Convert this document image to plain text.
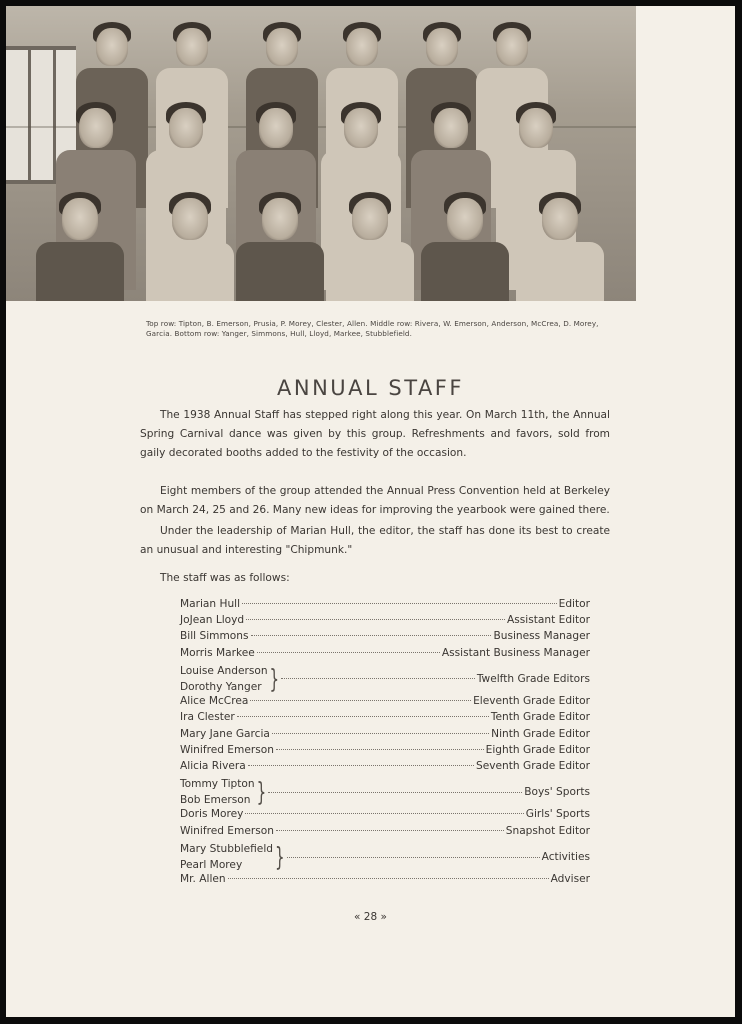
Top row: Tipton, B. Emerson, Prusia, P. Morey, Clester, Allen. Middle row: Rivera, W. Emerson, Anderson, McCrea, D. Morey, Garcia. Bottom row: Yanger, Simmons, Hull, Lloyd, Markee, Stubblefield.
ANNUAL STAFF

The 1938 Annual Staff has stepped right along this year. On March 11th, the Annual Spring Carnival dance was given by this group. Refreshments and favors, sold from gaily decorated booths added to the festivity of the occasion.

Eight members of the group attended the Annual Press Convention held at Berkeley on March 24, 25 and 26. Many new ideas for improving the yearbook were gained there.

Under the leadership of Marian Hull, the editor, the staff has done its best to create an unusual and interesting "Chipmunk."

The staff was as follows:

Marian Hull	Editor
JoJean Lloyd	Assistant Editor
Bill Simmons	Business Manager
Morris Markee	Assistant Business Manager
Louise Anderson
Dorothy Yanger }	Twelfth Grade Editors
Alice McCrea	Eleventh Grade Editor
Ira Clester	Tenth Grade Editor
Mary Jane Garcia	Ninth Grade Editor
Winifred Emerson	Eighth Grade Editor
Alicia Rivera	Seventh Grade Editor
Tommy Tipton
Bob Emerson }	Boys' Sports
Doris Morey	Girls' Sports
Winifred Emerson	Snapshot Editor
Mary Stubblefield
Pearl Morey	}	Activities
Mr. Allen	Adviser
« 28 »
